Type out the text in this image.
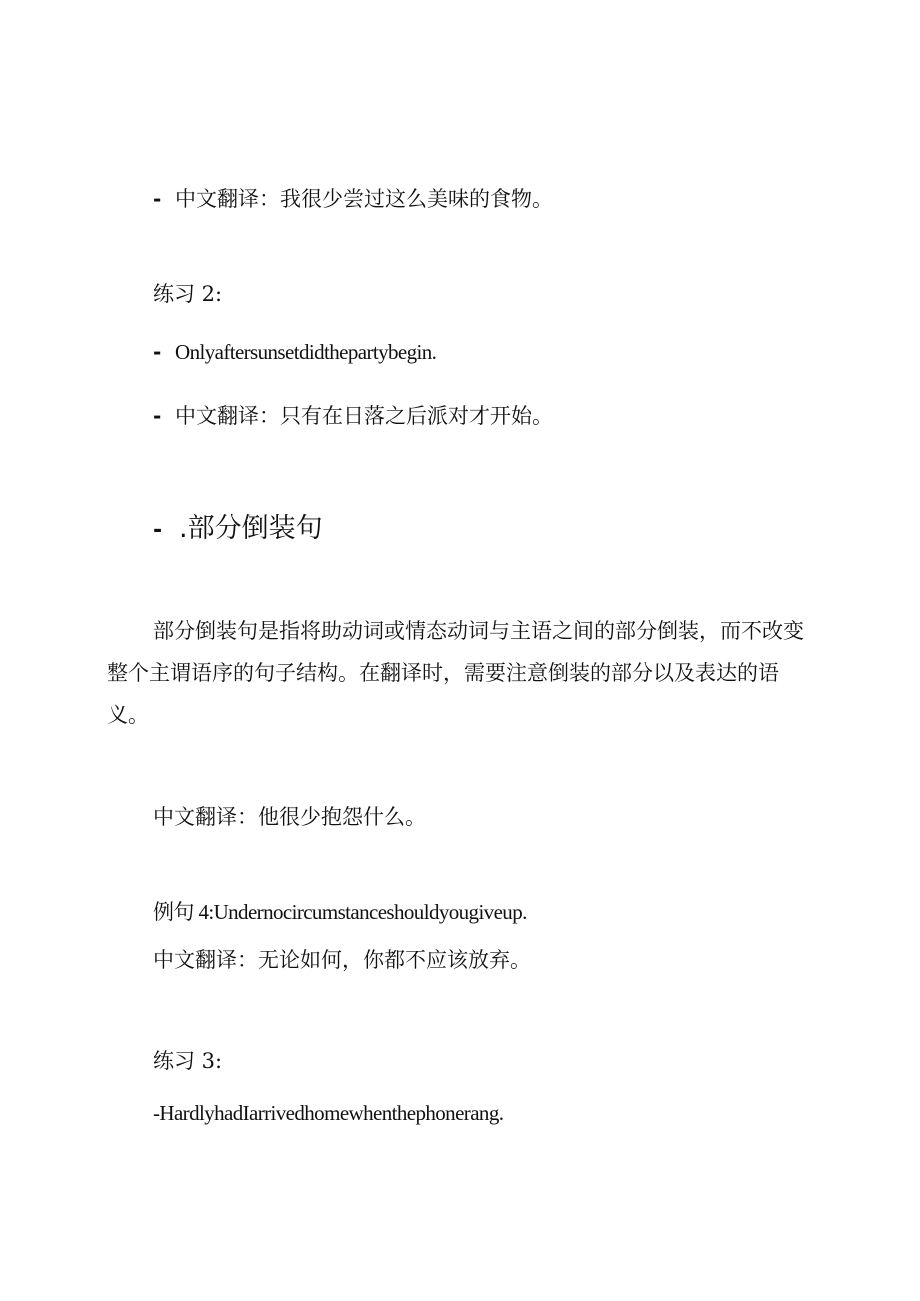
- 中文翻译：我很少尝过这么美味的食物。
练习 2:
- Onlyaftersunsetdidthepartybegin.
- 中文翻译：只有在日落之后派对才开始。
- .部分倒装句
部分倒装句是指将助动词或情态动词与主语之间的部分倒装，而不改变整个主谓语序的句子结构。在翻译时，需要注意倒装的部分以及表达的语义。
中文翻译：他很少抱怨什么。
例句 4:Undernocircumstanceshouldyougiveup.
中文翻译：无论如何，你都不应该放弃。
练习 3:
-HardlyhadIarrivedhomewhenthephonerang.
